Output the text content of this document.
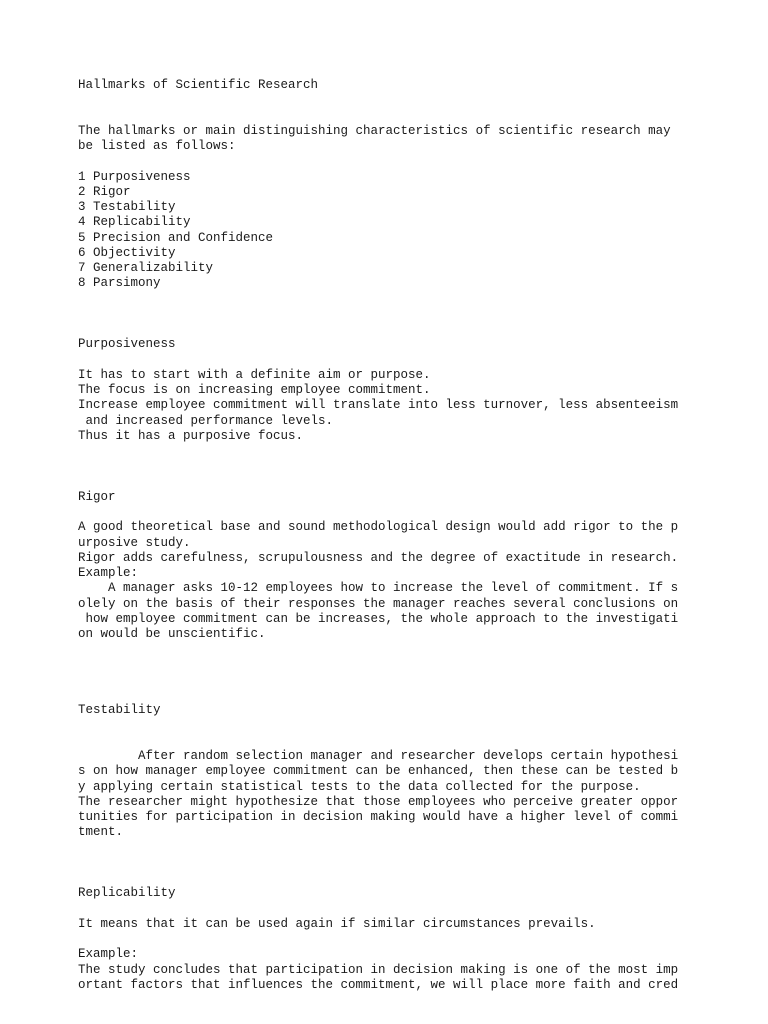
Hallmarks of Scientific Research
The hallmarks or main distinguishing characteristics of scientific research may
be listed as follows:
1 Purposiveness
2 Rigor
3 Testability
4 Replicability
5 Precision and Confidence
6 Objectivity
7 Generalizability
8 Parsimony
Purposiveness
It has to start with a definite aim or purpose.
The focus is on increasing employee commitment.
Increase employee commitment will translate into less turnover, less absenteeism
and increased performance levels.
Thus it has a purposive focus.
Rigor
A good theoretical base and sound methodological design would add rigor to the p
urposive study.
Rigor adds carefulness, scrupulousness and the degree of exactitude in research.
Example:
A manager asks 10-12 employees how to increase the level of commitment. If s
olely on the basis of their responses the manager reaches several conclusions on
how employee commitment can be increases, the whole approach to the investigati
on would be unscientific.
Testability
After random selection manager and researcher develops certain hypothesi
s on how manager employee commitment can be enhanced, then these can be tested b
y applying certain statistical tests to the data collected for the purpose.
The researcher might hypothesize that those employees who perceive greater oppor
tunities for participation in decision making would have a higher level of commi
tment.
Replicability
It means that it can be used again if similar circumstances prevails.
Example:
The study concludes that participation in decision making is one of the most imp
ortant factors that influences the commitment, we will place more faith and cred
